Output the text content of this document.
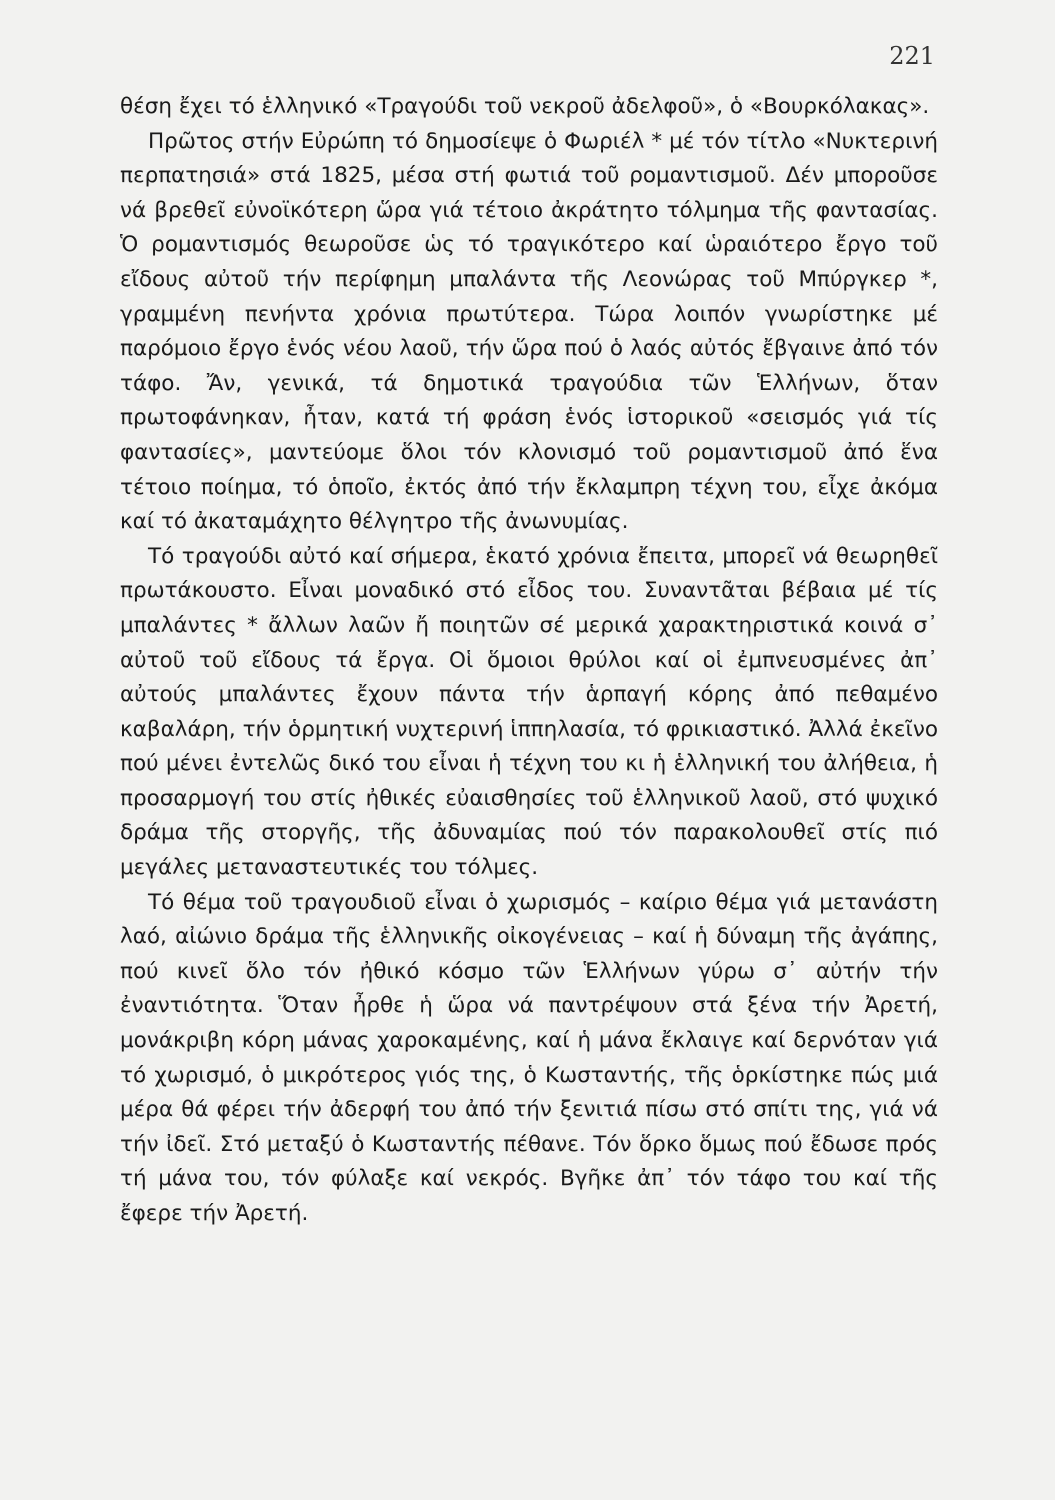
221

θέση ἔχει τό ἑλληνικό «Τραγούδι τοῦ νεκροῦ ἀδελφοῦ», ὁ «Βουρκόλακας».

Πρῶτος στήν Εὐρώπη τό δημοσίεψε ὁ Φωριέλ * μέ τόν τίτλο «Νυκτερινή περπατησιά» στά 1825, μέσα στή φωτιά τοῦ ρομαντισμοῦ. Δέν μποροῦσε νά βρεθεῖ εὐνοϊκότερη ὥρα γιά τέτοιο ἀκράτητο τόλμημα τῆς φαντασίας. Ὁ ρομαντισμός θεωροῦσε ὡς τό τραγικότερο καί ὡραιότερο ἔργο τοῦ εἴδους αὐτοῦ τήν περίφημη μπαλάντα τῆς Λεονώρας τοῦ Μπύργκερ *, γραμμένη πενήντα χρόνια πρωτύτερα. Τώρα λοιπόν γνωρίστηκε μέ παρόμοιο ἔργο ἑνός νέου λαοῦ, τήν ὥρα πού ὁ λαός αὐτός ἔβγαινε ἀπό τόν τάφο. Ἄν, γενικά, τά δημοτικά τραγούδια τῶν Ἑλλήνων, ὅταν πρωτοφάνηκαν, ἦταν, κατά τή φράση ἑνός ἱστορικοῦ «σεισμός γιά τίς φαντασίες», μαντεύομε ὅλοι τόν κλονισμό τοῦ ρομαντισμοῦ ἀπό ἕνα τέτοιο ποίημα, τό ὁποῖο, ἐκτός ἀπό τήν ἔκλαμπρη τέχνη του, εἶχε ἀκόμα καί τό ἀκαταμάχητο θέλγητρο τῆς ἀνωνυμίας.

Τό τραγούδι αὐτό καί σήμερα, ἑκατό χρόνια ἔπειτα, μπορεῖ νά θεωρηθεῖ πρωτάκουστο. Εἶναι μοναδικό στό εἶδος του. Συναντᾶται βέβαια μέ τίς μπαλάντες * ἄλλων λαῶν ἤ ποιητῶν σέ μερικά χαρακτηριστικά κοινά σ᾽ αὐτοῦ τοῦ εἴδους τά ἔργα. Οἱ ὅμοιοι θρύλοι καί οἱ ἐμπνευσμένες ἀπ᾽ αὐτούς μπαλάντες ἔχουν πάντα τήν ἁρπαγή κόρης ἀπό πεθαμένο καβαλάρη, τήν ὁρμητική νυχτερινή ἱππηλασία, τό φρικιαστικό. Ἀλλά ἐκεῖνο πού μένει ἐντελῶς δικό του εἶναι ἡ τέχνη του κι ἡ ἑλληνική του ἀλήθεια, ἡ προσαρμογή του στίς ἠθικές εὐαισθησίες τοῦ ἑλληνικοῦ λαοῦ, στό ψυχικό δράμα τῆς στοργῆς, τῆς ἀδυναμίας πού τόν παρακολουθεῖ στίς πιό μεγάλες μεταναστευτικές του τόλμες.

Τό θέμα τοῦ τραγουδιοῦ εἶναι ὁ χωρισμός – καίριο θέμα γιά μετανάστη λαό, αἰώνιο δράμα τῆς ἑλληνικῆς οἰκογένειας – καί ἡ δύναμη τῆς ἀγάπης, πού κινεῖ ὅλο τόν ἠθικό κόσμο τῶν Ἑλλήνων γύρω σ᾽ αὐτήν τήν ἐναντιότητα. Ὅταν ἦρθε ἡ ὥρα νά παντρέψουν στά ξένα τήν Ἀρετή, μονάκριβη κόρη μάνας χαροκαμένης, καί ἡ μάνα ἔκλαιγε καί δερνόταν γιά τό χωρισμό, ὁ μικρότερος γιός της, ὁ Κωσταντής, τῆς ὁρκίστηκε πώς μιά μέρα θά φέρει τήν ἀδερφή του ἀπό τήν ξενιτιά πίσω στό σπίτι της, γιά νά τήν ἰδεῖ. Στό μεταξύ ὁ Κωσταντής πέθανε. Τόν ὅρκο ὅμως πού ἔδωσε πρός τή μάνα του, τόν φύλαξε καί νεκρός. Βγῆκε ἀπ᾽ τόν τάφο του καί τῆς ἔφερε τήν Ἀρετή.
